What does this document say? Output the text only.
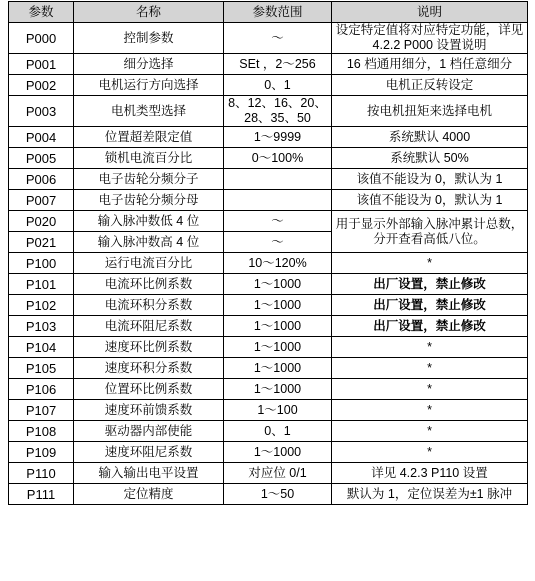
参数	名称	参数范围	说明
P000	控制参数	～	设定特定值将对应特定功能，详见 4.2.2 P000 设置说明
P001	细分选择	SEt ，2～256	16 档通用细分，1 档任意细分
P002	电机运行方向选择	0、1	电机正反转设定
P003	电机类型选择	8、12、16、20、28、35、50	按电机扭矩来选择电机
P004	位置超差限定值	1～9999	系统默认 4000
P005	锁机电流百分比	0～100%	系统默认 50%
P006	电子齿轮分频分子		该值不能设为 0，默认为 1
P007	电子齿轮分频分母		该值不能设为 0，默认为 1
P020	输入脉冲数低 4 位	～	用于显示外部输入脉冲累计总数，分开查看高低八位。
P021	输入脉冲数高 4 位	～	
P100	运行电流百分比	10～120%	*
P101	电流环比例系数	1～1000	出厂设置，禁止修改
P102	电流环积分系数	1～1000	出厂设置，禁止修改
P103	电流环阻尼系数	1～1000	出厂设置，禁止修改
P104	速度环比例系数	1～1000	*
P105	速度环积分系数	1～1000	*
P106	位置环比例系数	1～1000	*
P107	速度环前馈系数	1～100	*
P108	驱动器内部使能	0、1	*
P109	速度环阻尼系数	1～1000	*
P110	输入输出电平设置	对应位 0/1	详见 4.2.3 P110 设置
P111	定位精度	1～50	默认为 1，定位误差为±1 脉冲
